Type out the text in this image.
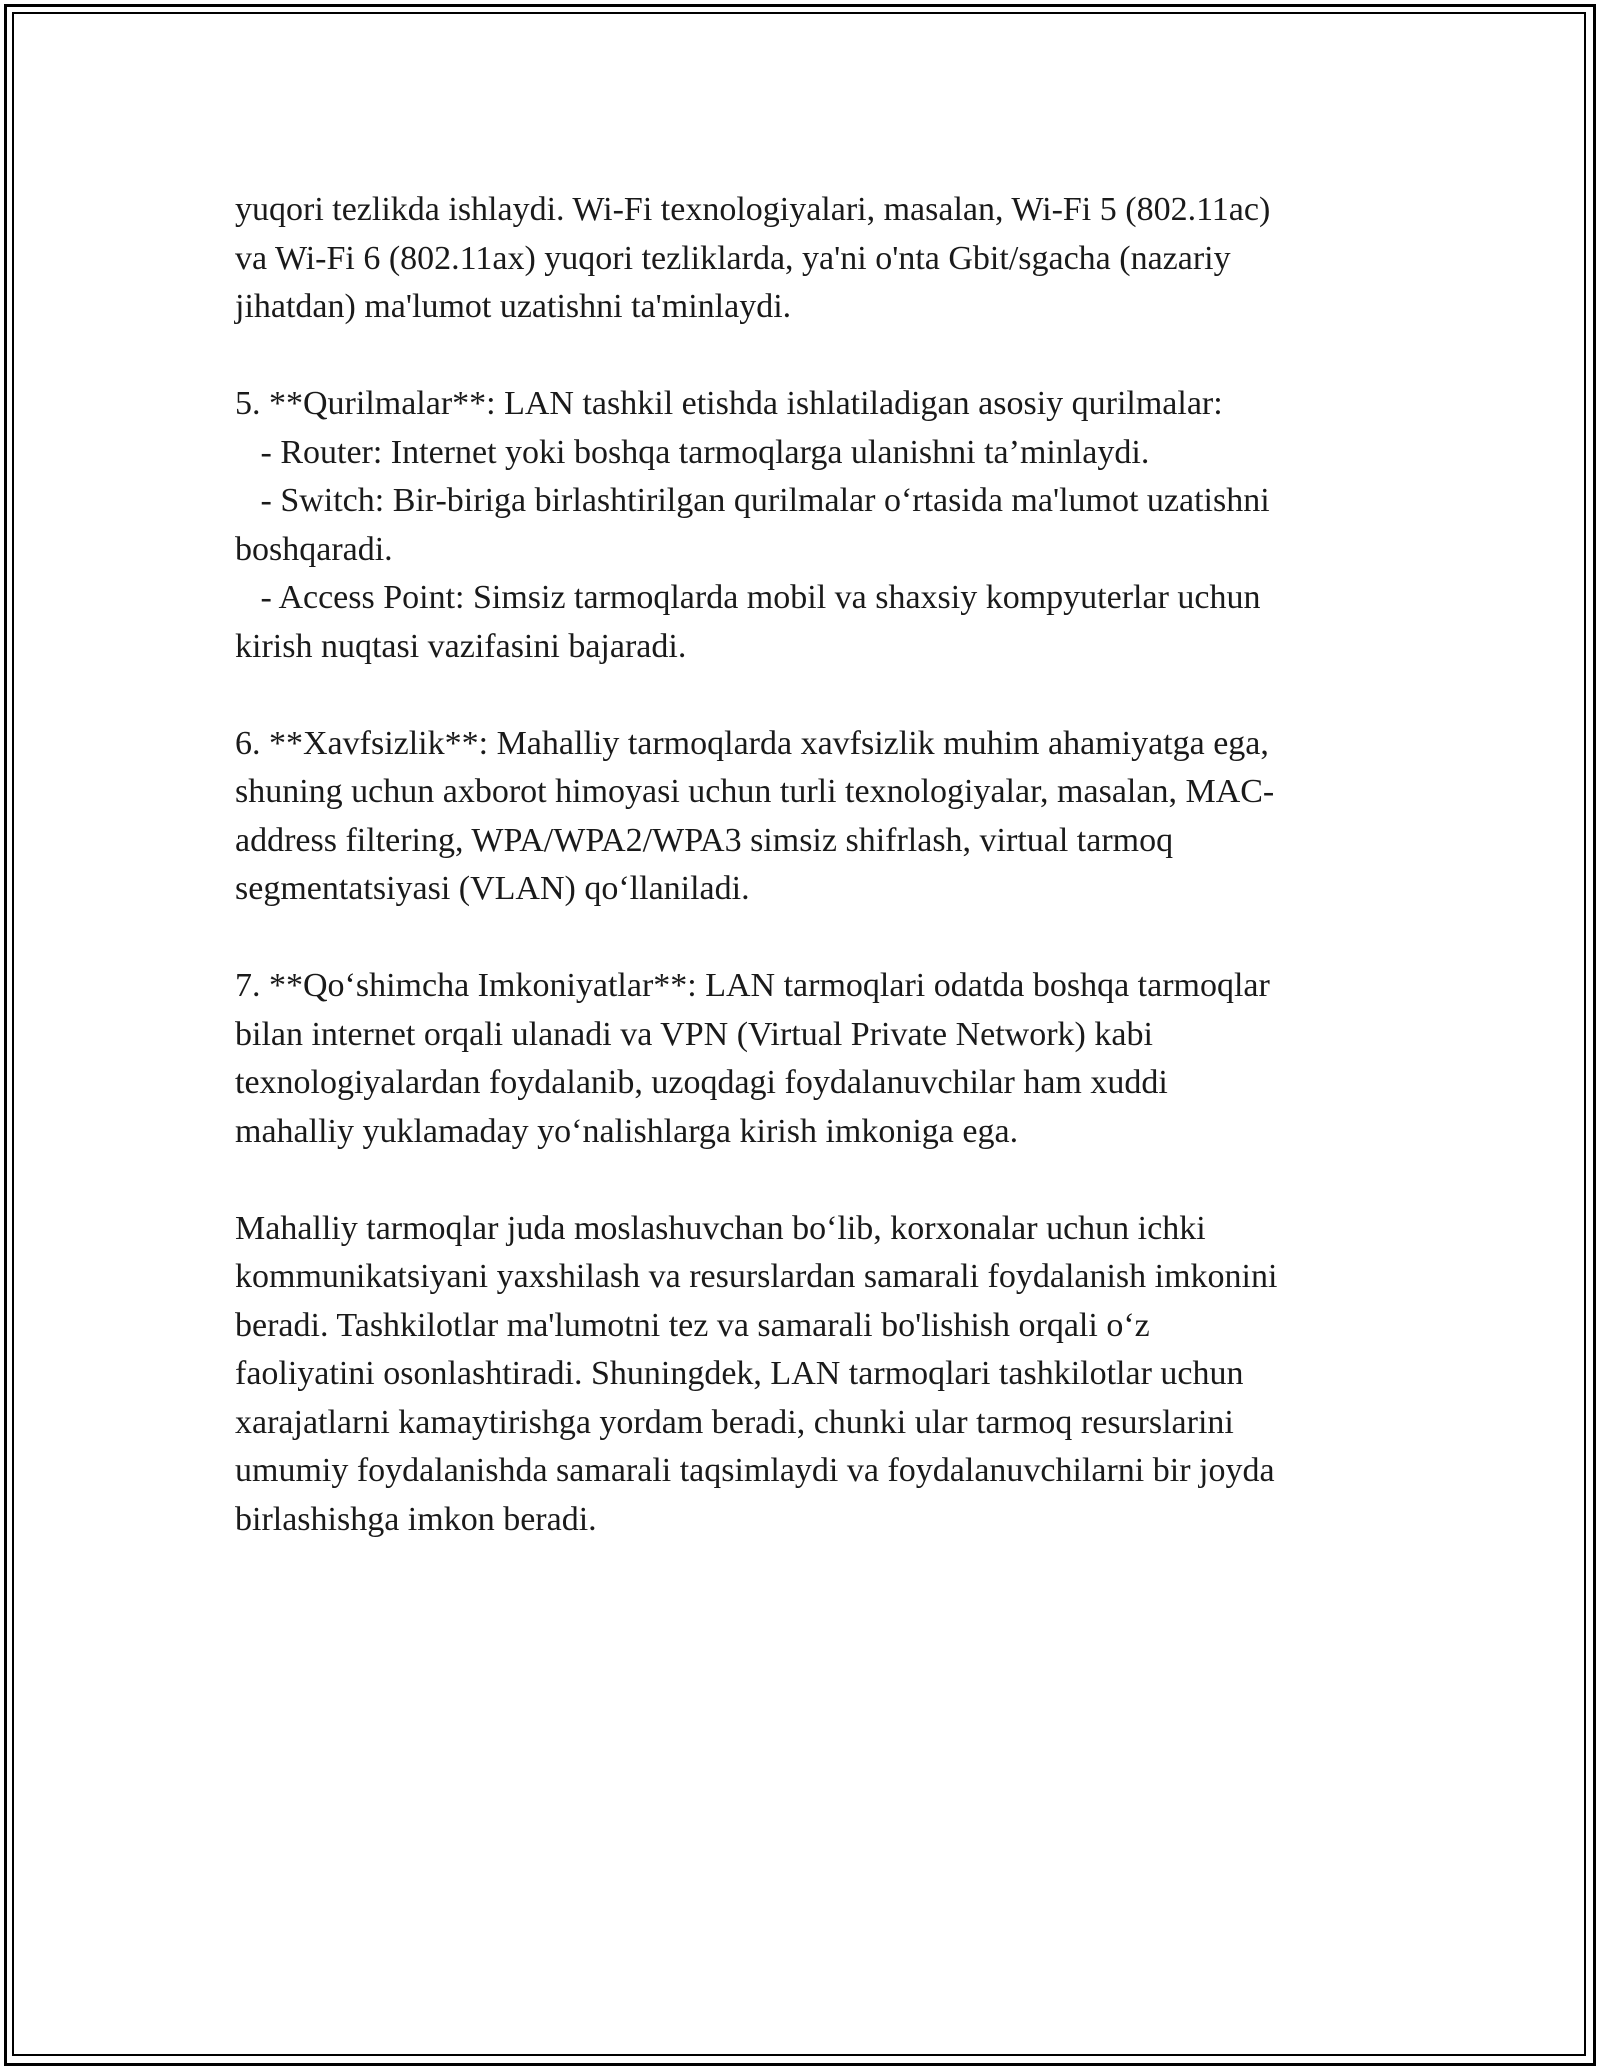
yuqori tezlikda ishlaydi. Wi-Fi texnologiyalari, masalan, Wi-Fi 5 (802.11ac)
va Wi-Fi 6 (802.11ax) yuqori tezliklarda, ya'ni o'nta Gbit/sgacha (nazariy
jihatdan) ma'lumot uzatishni ta'minlaydi.
5. **Qurilmalar**: LAN tashkil etishda ishlatiladigan asosiy qurilmalar:
- Router: Internet yoki boshqa tarmoqlarga ulanishni ta’minlaydi.
- Switch: Bir-biriga birlashtirilgan qurilmalar o‘rtasida ma'lumot uzatishni
boshqaradi.
- Access Point: Simsiz tarmoqlarda mobil va shaxsiy kompyuterlar uchun
kirish nuqtasi vazifasini bajaradi.
6. **Xavfsizlik**: Mahalliy tarmoqlarda xavfsizlik muhim ahamiyatga ega,
shuning uchun axborot himoyasi uchun turli texnologiyalar, masalan, MAC-
address filtering, WPA/WPA2/WPA3 simsiz shifrlash, virtual tarmoq
segmentatsiyasi (VLAN) qo‘llaniladi.
7. **Qo‘shimcha Imkoniyatlar**: LAN tarmoqlari odatda boshqa tarmoqlar
bilan internet orqali ulanadi va VPN (Virtual Private Network) kabi
texnologiyalardan foydalanib, uzoqdagi foydalanuvchilar ham xuddi
mahalliy yuklamaday yo‘nalishlarga kirish imkoniga ega.
Mahalliy tarmoqlar juda moslashuvchan bo‘lib, korxonalar uchun ichki
kommunikatsiyani yaxshilash va resurslardan samarali foydalanish imkonini
beradi. Tashkilotlar ma'lumotni tez va samarali bo'lishish orqali o‘z
faoliyatini osonlashtiradi. Shuningdek, LAN tarmoqlari tashkilotlar uchun
xarajatlarni kamaytirishga yordam beradi, chunki ular tarmoq resurslarini
umumiy foydalanishda samarali taqsimlaydi va foydalanuvchilarni bir joyda
birlashishga imkon beradi.
